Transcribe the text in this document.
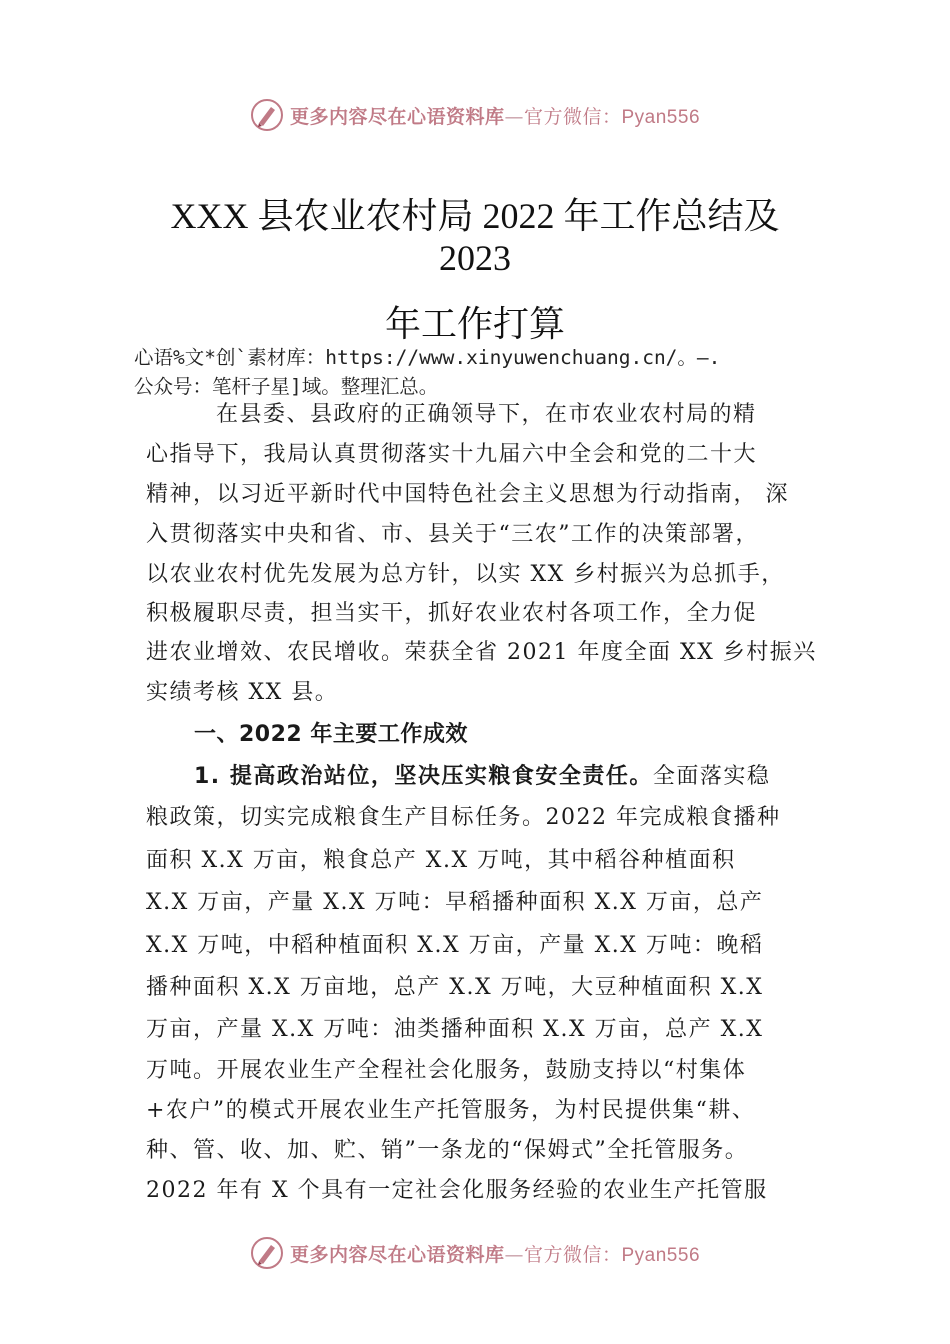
更多内容尽在心语资料库—官方微信：Pyan556
XXX 县农业农村局 2022 年工作总结及
2023
年工作打算
心语%文*创`素材库：https://www.xinyuwenchuang.cn/。—.
公众号：笔杆子星]域。整理汇总。
在县委、县政府的正确领导下，在市农业农村局的精
心指导下，我局认真贯彻落实十九届六中全会和党的二十大
精神，以习近平新时代中国特色社会主义思想为行动指南， 深
入贯彻落实中央和省、市、县关于“三农”工作的决策部署，
以农业农村优先发展为总方针，以实 XX 乡村振兴为总抓手，
积极履职尽责，担当实干，抓好农业农村各项工作，全力促
进农业增效、农民增收。荣获全省 2021 年度全面 XX 乡村振兴
实绩考核 XX 县。
一、2022 年主要工作成效
1. 提高政治站位，坚决压实粮食安全责任。全面落实稳
粮政策，切实完成粮食生产目标任务。2022 年完成粮食播种
面积 X.X 万亩，粮食总产 X.X 万吨，其中稻谷种植面积
X.X 万亩，产量 X.X 万吨：早稻播种面积 X.X 万亩，总产
X.X 万吨，中稻种植面积 X.X 万亩，产量 X.X 万吨：晚稻
播种面积 X.X 万亩地，总产 X.X 万吨，大豆种植面积 X.X
万亩，产量 X.X 万吨：油类播种面积 X.X 万亩，总产 X.X
万吨。开展农业生产全程社会化服务，鼓励支持以“村集体
+农户”的模式开展农业生产托管服务，为村民提供集“耕、
种、管、收、加、贮、销”一条龙的“保姆式”全托管服务。
2022 年有 X 个具有一定社会化服务经验的农业生产托管服
更多内容尽在心语资料库—官方微信：Pyan556
